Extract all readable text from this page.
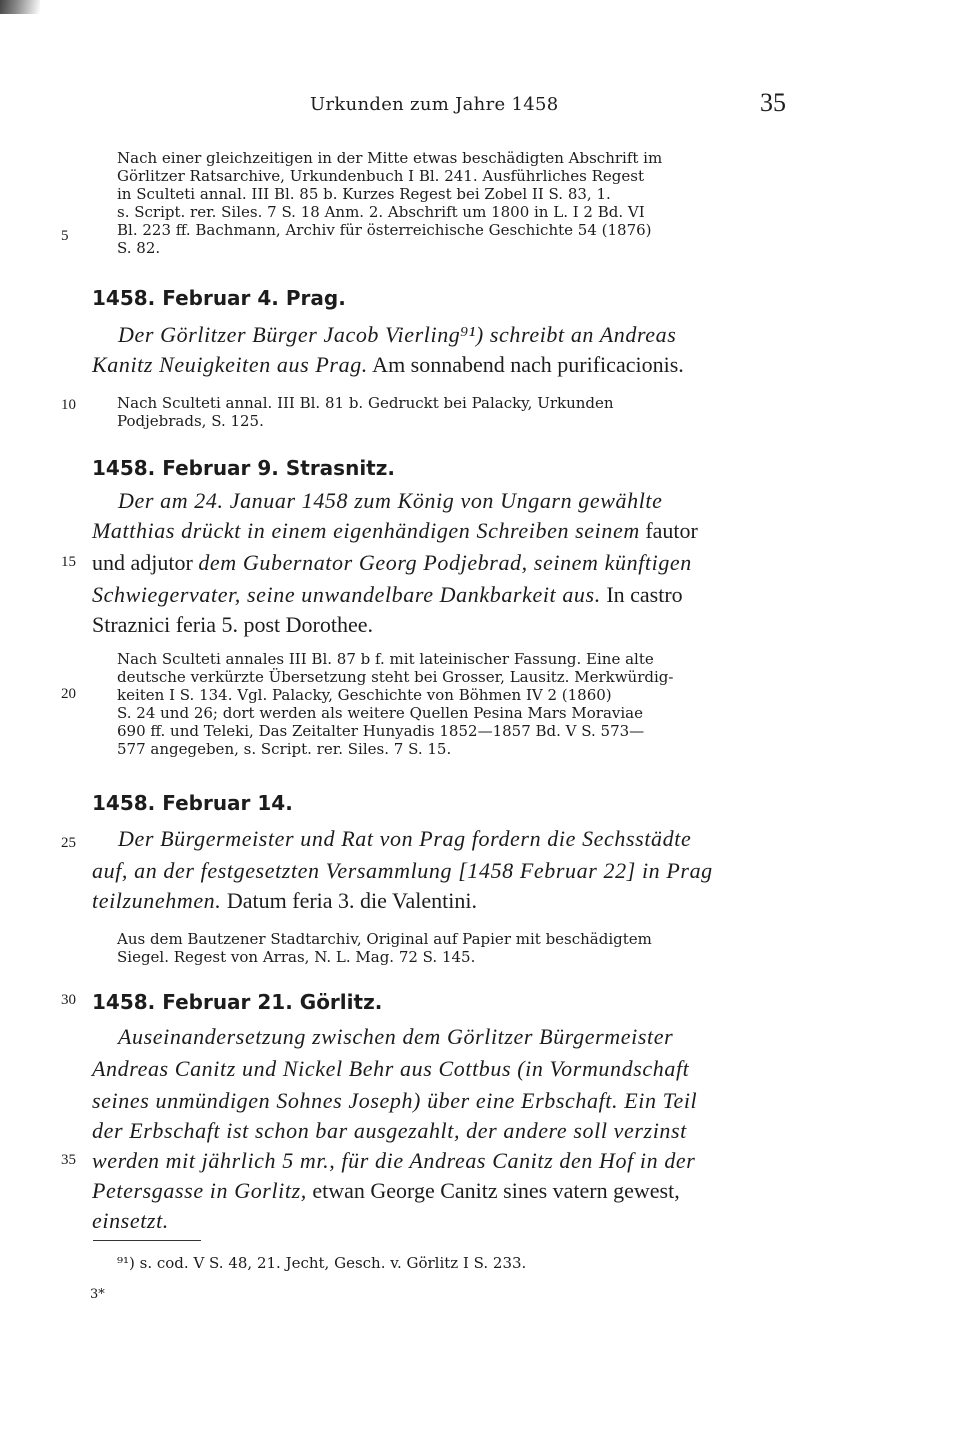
Urkunden zum Jahre 1458	35
5
10
15
20
25
30
35
Nach einer gleichzeitigen in der Mitte etwas beschädigten Abschrift im
Görlitzer Ratsarchive, Urkundenbuch I Bl. 241. Ausführliches Regest
in Sculteti annal. III Bl. 85 b. Kurzes Regest bei Zobel II S. 83, 1.
s. Script. rer. Siles. 7 S. 18 Anm. 2. Abschrift um 1800 in L. I 2 Bd. VI
Bl. 223 ff. Bachmann, Archiv für österreichische Geschichte 54 (1876)
S. 82.
1458. Februar 4. Prag.
Der Görlitzer Bürger Jacob Vierling⁹¹) schreibt an Andreas
Kanitz Neuigkeiten aus Prag. Am sonnabend nach purificacionis.
Nach Sculteti annal. III Bl. 81 b. Gedruckt bei Palacky, Urkunden
Podjebrads, S. 125.
1458. Februar 9. Strasnitz.
Der am 24. Januar 1458 zum König von Ungarn gewählte
Matthias drückt in einem eigenhändigen Schreiben seinem fautor
und adjutor dem Gubernator Georg Podjebrad, seinem künftigen
Schwiegervater, seine unwandelbare Dankbarkeit aus. In castro
Straznici feria 5. post Dorothee.
Nach Sculteti annales III Bl. 87 b f. mit lateinischer Fassung. Eine alte
deutsche verkürzte Übersetzung steht bei Grosser, Lausitz. Merkwürdig-
keiten I S. 134. Vgl. Palacky, Geschichte von Böhmen IV 2 (1860)
S. 24 und 26; dort werden als weitere Quellen Pesina Mars Moraviae
690 ff. und Teleki, Das Zeitalter Hunyadis 1852—1857 Bd. V S. 573—
577 angegeben, s. Script. rer. Siles. 7 S. 15.
1458. Februar 14.
Der Bürgermeister und Rat von Prag fordern die Sechsstädte
auf, an der festgesetzten Versammlung [1458 Februar 22] in Prag
teilzunehmen. Datum feria 3. die Valentini.
Aus dem Bautzener Stadtarchiv, Original auf Papier mit beschädigtem
Siegel. Regest von Arras, N. L. Mag. 72 S. 145.
1458. Februar 21. Görlitz.
Auseinandersetzung zwischen dem Görlitzer Bürgermeister
Andreas Canitz und Nickel Behr aus Cottbus (in Vormundschaft
seines unmündigen Sohnes Joseph) über eine Erbschaft. Ein Teil
der Erbschaft ist schon bar ausgezahlt, der andere soll verzinst
werden mit jährlich 5 mr., für die Andreas Canitz den Hof in der
Petersgasse in Gorlitz, etwan George Canitz sines vatern gewest,
einsetzt.
⁹¹) s. cod. V S. 48, 21. Jecht, Gesch. v. Görlitz I S. 233.
3*
